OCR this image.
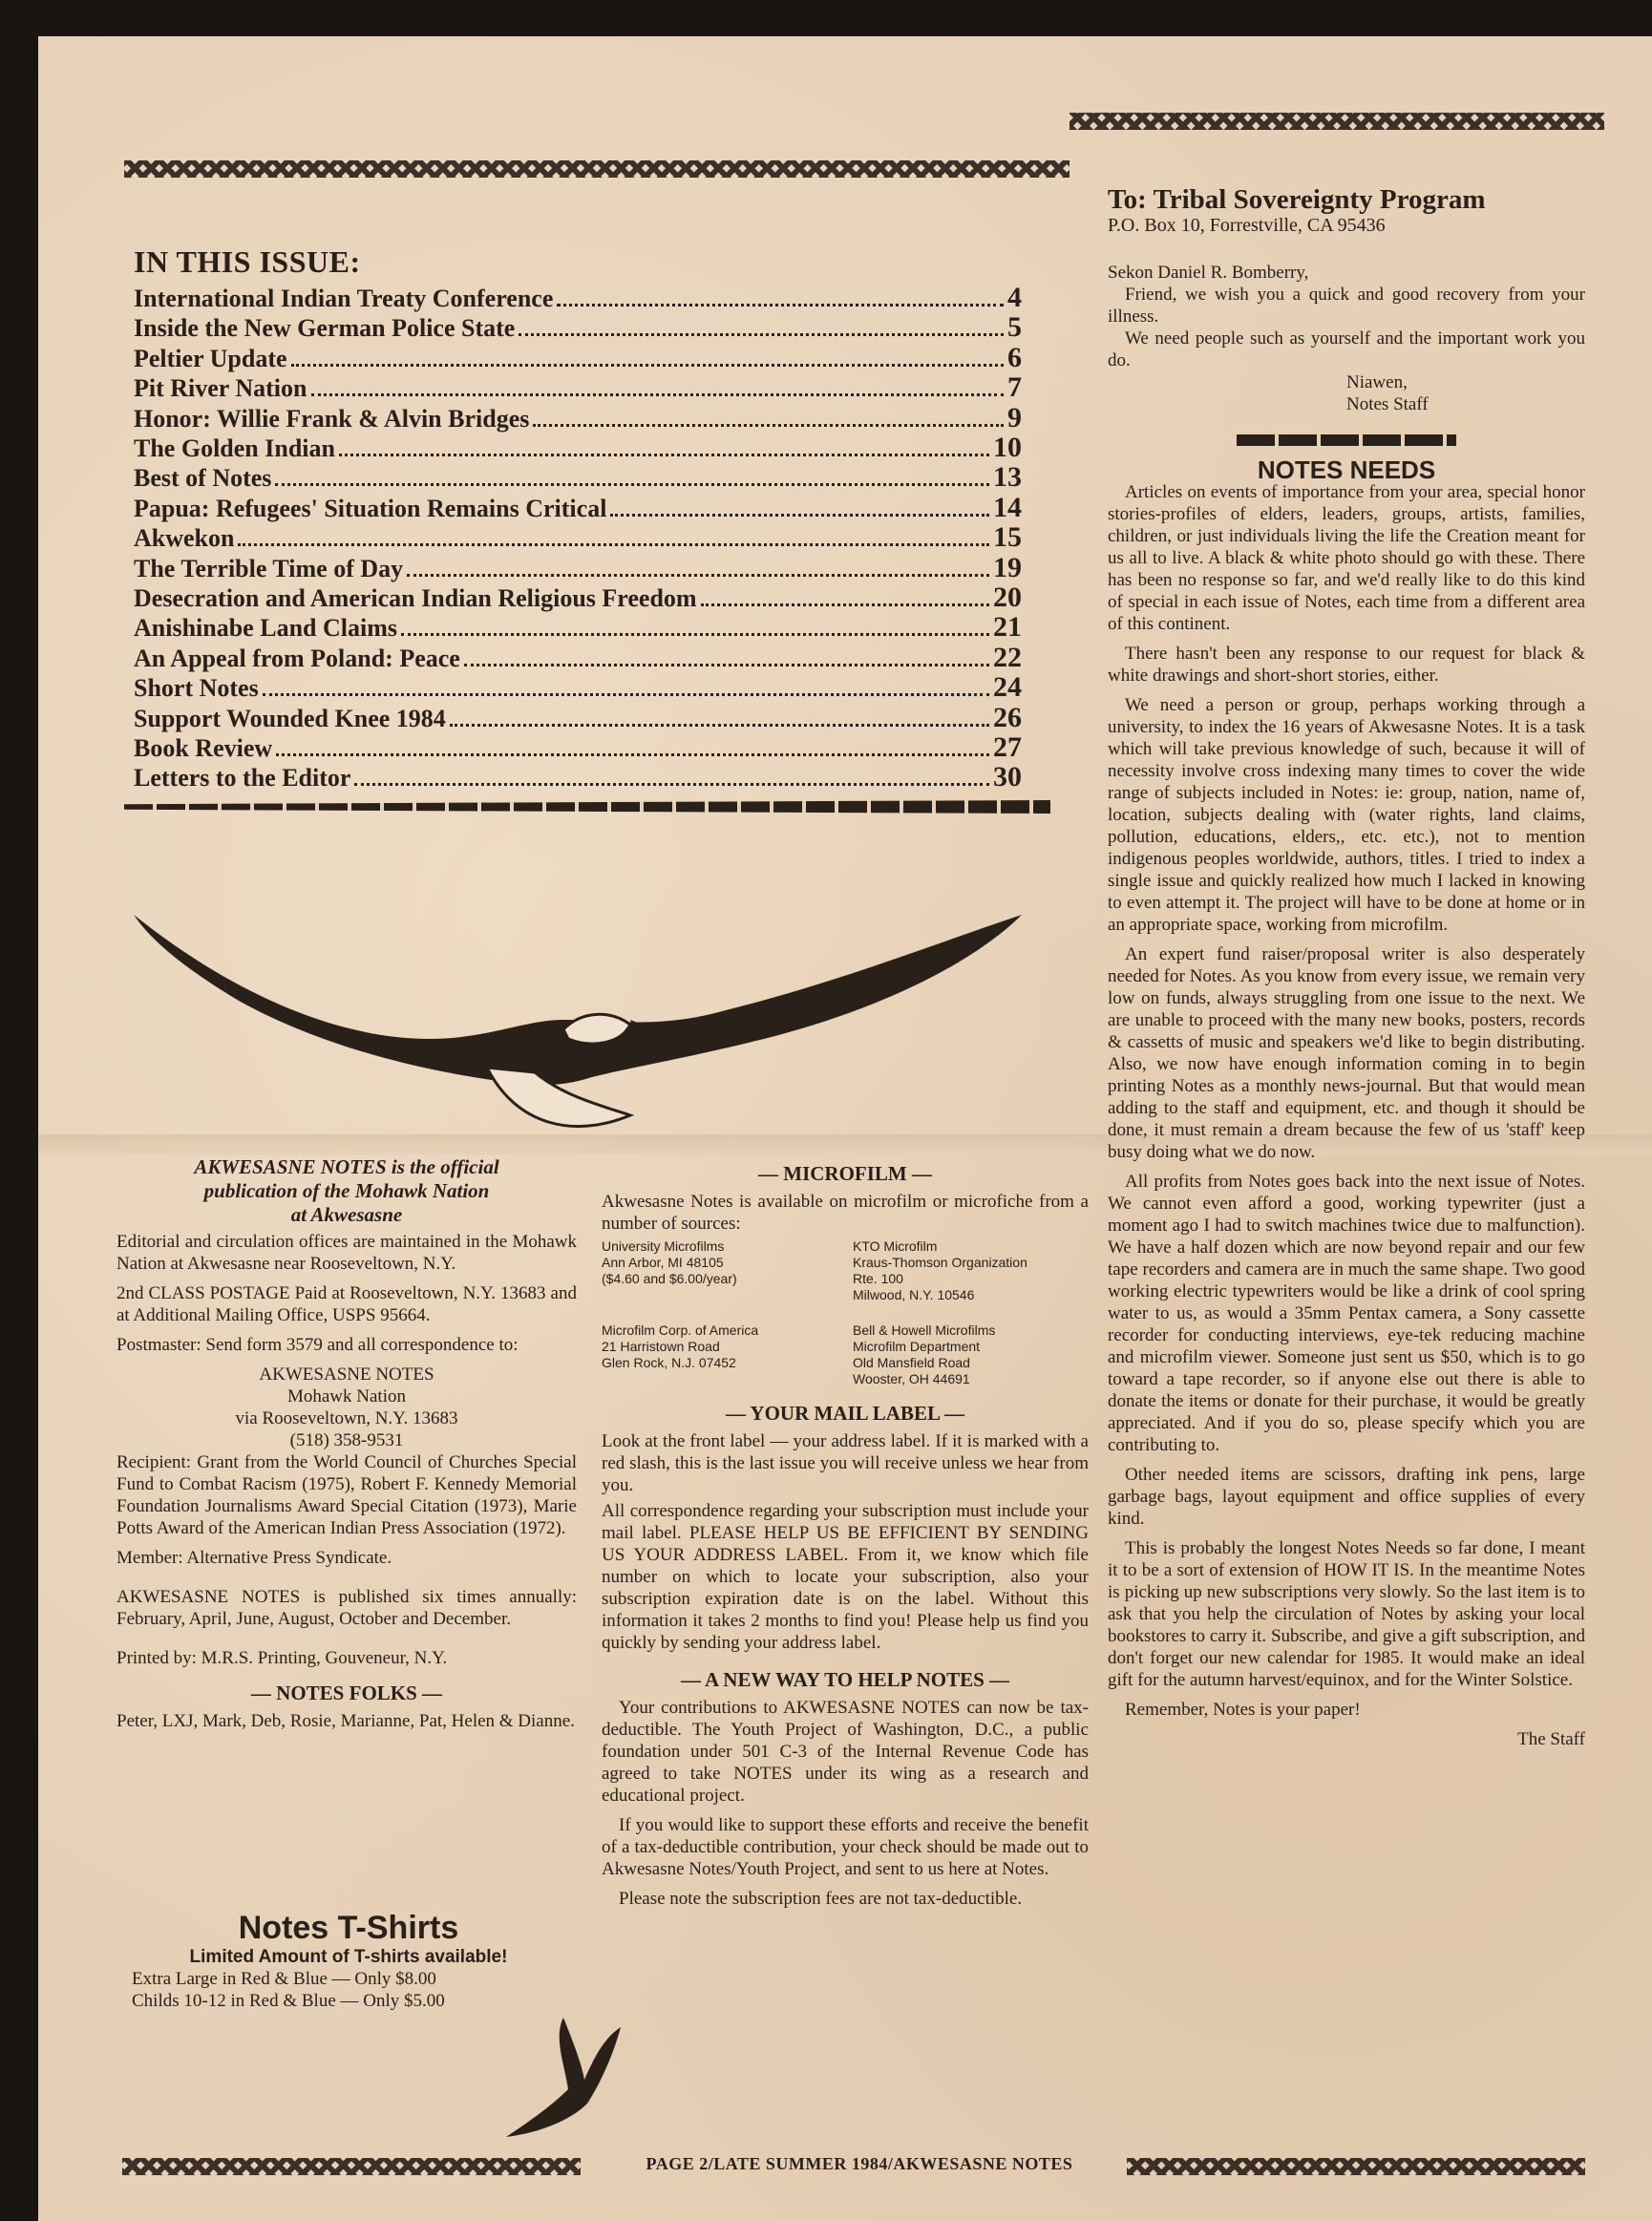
IN THIS ISSUE:
International Indian Treaty Conference	4
Inside the New German Police State	5
Peltier Update	6
Pit River Nation	7
Honor: Willie Frank & Alvin Bridges	9
The Golden Indian	10
Best of Notes	13
Papua: Refugees' Situation Remains Critical	14
Akwekon	15
The Terrible Time of Day	19
Desecration and American Indian Religious Freedom	20
Anishinabe Land Claims	21
An Appeal from Poland: Peace	22
Short Notes	24
Support Wounded Knee 1984	26
Book Review	27
Letters to the Editor	30
AKWESASNE NOTES is the official
publication of the Mohawk Nation
at Akwesasne

Editorial and circulation offices are maintained in the Mohawk Nation at Akwesasne near Rooseveltown, N.Y.

2nd CLASS POSTAGE Paid at Rooseveltown, N.Y. 13683 and at Additional Mailing Office, USPS 95664.

Postmaster: Send form 3579 and all correspondence to:

AKWESASNE NOTES
Mohawk Nation
via Rooseveltown, N.Y. 13683
(518) 358-9531

Recipient: Grant from the World Council of Churches Special Fund to Combat Racism (1975), Robert F. Kennedy Memorial Foundation Journalisms Award Special Citation (1973), Marie Potts Award of the American Indian Press Association (1972).

Member: Alternative Press Syndicate.

AKWESASNE NOTES is published six times annually: February, April, June, August, October and December.

Printed by: M.R.S. Printing, Gouveneur, N.Y.

— NOTES FOLKS —

Peter, LXJ, Mark, Deb, Rosie, Marianne, Pat, Helen & Dianne.

Notes T-Shirts
Limited Amount of T-shirts available!
Extra Large in Red & Blue — Only $8.00
Childs 10-12 in Red & Blue — Only $5.00
— MICROFILM —

Akwesasne Notes is available on microfilm or microfiche from a number of sources:

University Microfilms
Ann Arbor, MI 48105
($4.60 and $6.00/year)
KTO Microfilm
Kraus-Thomson Organization
Rte. 100
Milwood, N.Y. 10546
Microfilm Corp. of America
21 Harristown Road
Glen Rock, N.J. 07452
Bell & Howell Microfilms
Microfilm Department
Old Mansfield Road
Wooster, OH 44691
— YOUR MAIL LABEL —

Look at the front label — your address label. If it is marked with a red slash, this is the last issue you will receive unless we hear from you.

All correspondence regarding your subscription must include your mail label. PLEASE HELP US BE EFFICIENT BY SENDING US YOUR ADDRESS LABEL. From it, we know which file number on which to locate your subscription, also your subscription expiration date is on the label. Without this information it takes 2 months to find you! Please help us find you quickly by sending your address label.

— A NEW WAY TO HELP NOTES —

Your contributions to AKWESASNE NOTES can now be tax-deductible. The Youth Project of Washington, D.C., a public foundation under 501 C-3 of the Internal Revenue Code has agreed to take NOTES under its wing as a research and educational project.

If you would like to support these efforts and receive the benefit of a tax-deductible contribution, your check should be made out to Akwesasne Notes/Youth Project, and sent to us here at Notes.

Please note the subscription fees are not tax-deductible.

To: Tribal Sovereignty Program
P.O. Box 10, Forrestville, CA 95436

Sekon Daniel R. Bomberry,

Friend, we wish you a quick and good recovery from your illness.

We need people such as yourself and the important work you do.

Niawen,
Notes Staff
NOTES NEEDS

Articles on events of importance from your area, special honor stories-profiles of elders, leaders, groups, artists, families, children, or just individuals living the life the Creation meant for us all to live. A black & white photo should go with these. There has been no response so far, and we'd really like to do this kind of special in each issue of Notes, each time from a different area of this continent.

There hasn't been any response to our request for black & white drawings and short-short stories, either.

We need a person or group, perhaps working through a university, to index the 16 years of Akwesasne Notes. It is a task which will take previous knowledge of such, because it will of necessity involve cross indexing many times to cover the wide range of subjects included in Notes: ie: group, nation, name of, location, subjects dealing with (water rights, land claims, pollution, educations, elders,, etc. etc.), not to mention indigenous peoples worldwide, authors, titles. I tried to index a single issue and quickly realized how much I lacked in knowing to even attempt it. The project will have to be done at home or in an appropriate space, working from microfilm.

An expert fund raiser/proposal writer is also desperately needed for Notes. As you know from every issue, we remain very low on funds, always struggling from one issue to the next. We are unable to proceed with the many new books, posters, records & cassetts of music and speakers we'd like to begin distributing. Also, we now have enough information coming in to begin printing Notes as a monthly news-journal. But that would mean adding to the staff and equipment, etc. and though it should be done, it must remain a dream because the few of us 'staff' keep busy doing what we do now.

All profits from Notes goes back into the next issue of Notes. We cannot even afford a good, working typewriter (just a moment ago I had to switch machines twice due to malfunction). We have a half dozen which are now beyond repair and our few tape recorders and camera are in much the same shape. Two good working electric typewriters would be like a drink of cool spring water to us, as would a 35mm Pentax camera, a Sony cassette recorder for conducting interviews, eye-tek reducing machine and microfilm viewer. Someone just sent us $50, which is to go toward a tape recorder, so if anyone else out there is able to donate the items or donate for their purchase, it would be greatly appreciated. And if you do so, please specify which you are contributing to.

Other needed items are scissors, drafting ink pens, large garbage bags, layout equipment and office supplies of every kind.

This is probably the longest Notes Needs so far done, I meant it to be a sort of extension of HOW IT IS. In the meantime Notes is picking up new subscriptions very slowly. So the last item is to ask that you help the circulation of Notes by asking your local bookstores to carry it. Subscribe, and give a gift subscription, and don't forget our new calendar for 1985. It would make an ideal gift for the autumn harvest/equinox, and for the Winter Solstice.

Remember, Notes is your paper!

The Staff
PAGE 2/LATE SUMMER 1984/AKWESASNE NOTES
